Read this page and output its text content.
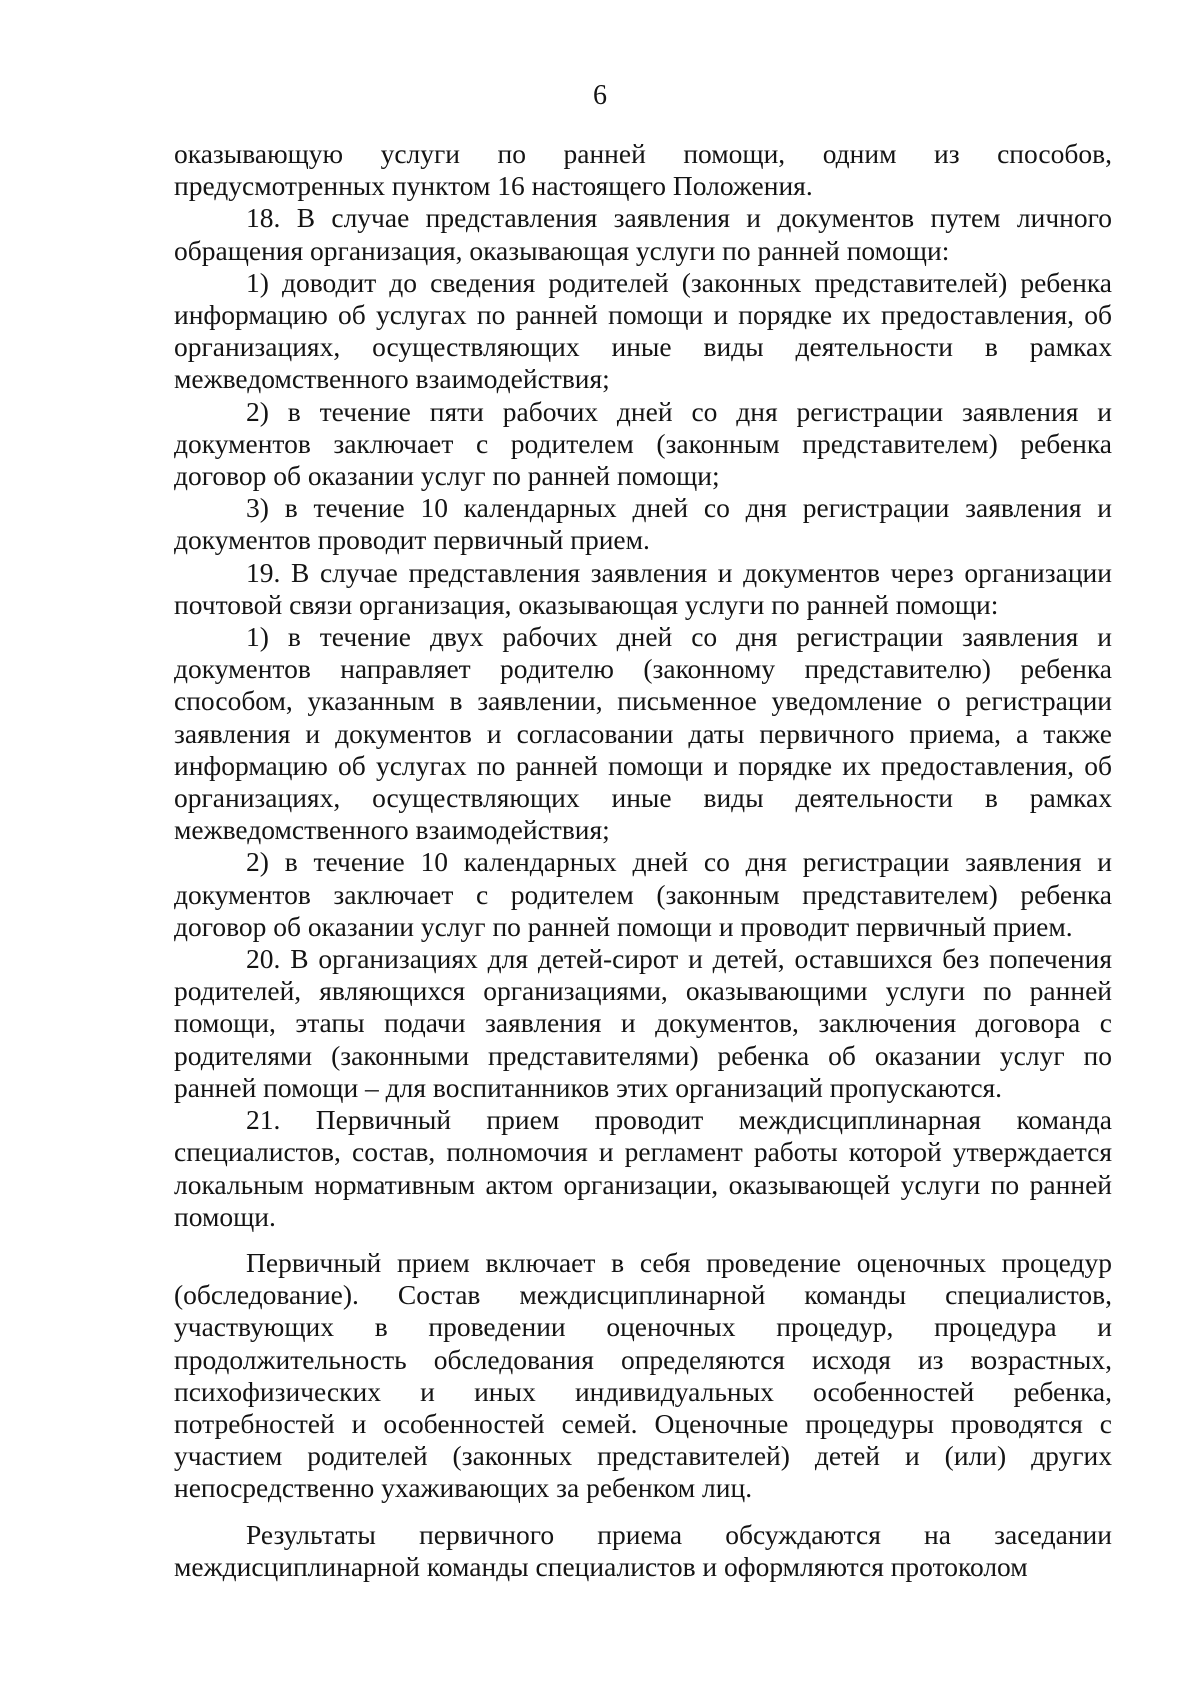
6

оказывающую услуги по ранней помощи, одним из способов, предусмотренных пунктом 16 настоящего Положения.

18. В случае представления заявления и документов путем личного обращения организация, оказывающая услуги по ранней помощи:

1) доводит до сведения родителей (законных представителей) ребенка информацию об услугах по ранней помощи и порядке их предоставления, об организациях, осуществляющих иные виды деятельности в рамках межведомственного взаимодействия;

2) в течение пяти рабочих дней со дня регистрации заявления и документов заключает с родителем (законным представителем) ребенка договор об оказании услуг по ранней помощи;

3) в течение 10 календарных дней со дня регистрации заявления и документов проводит первичный прием.

19. В случае представления заявления и документов через организации почтовой связи организация, оказывающая услуги по ранней помощи:

1) в течение двух рабочих дней со дня регистрации заявления и документов направляет родителю (законному представителю) ребенка способом, указанным в заявлении, письменное уведомление о регистрации заявления и документов и согласовании даты первичного приема, а также информацию об услугах по ранней помощи и порядке их предоставления, об организациях, осуществляющих иные виды деятельности в рамках межведомственного взаимодействия;

2) в течение 10 календарных дней со дня регистрации заявления и документов заключает с родителем (законным представителем) ребенка договор об оказании услуг по ранней помощи и проводит первичный прием.

20. В организациях для детей-сирот и детей, оставшихся без попечения родителей, являющихся организациями, оказывающими услуги по ранней помощи, этапы подачи заявления и документов, заключения договора с родителями (законными представителями) ребенка об оказании услуг по ранней помощи – для воспитанников этих организаций пропускаются.

21. Первичный прием проводит междисциплинарная команда специалистов, состав, полномочия и регламент работы которой утверждается локальным нормативным актом организации, оказывающей услуги по ранней помощи.

Первичный прием включает в себя проведение оценочных процедур (обследование). Состав междисциплинарной команды специалистов, участвующих в проведении оценочных процедур, процедура и продолжительность обследования определяются исходя из возрастных, психофизических и иных индивидуальных особенностей ребенка, потребностей и особенностей семей. Оценочные процедуры проводятся с участием родителей (законных представителей) детей и (или) других непосредственно ухаживающих за ребенком лиц.

Результаты первичного приема обсуждаются на заседании междисциплинарной команды специалистов и оформляются протоколом
